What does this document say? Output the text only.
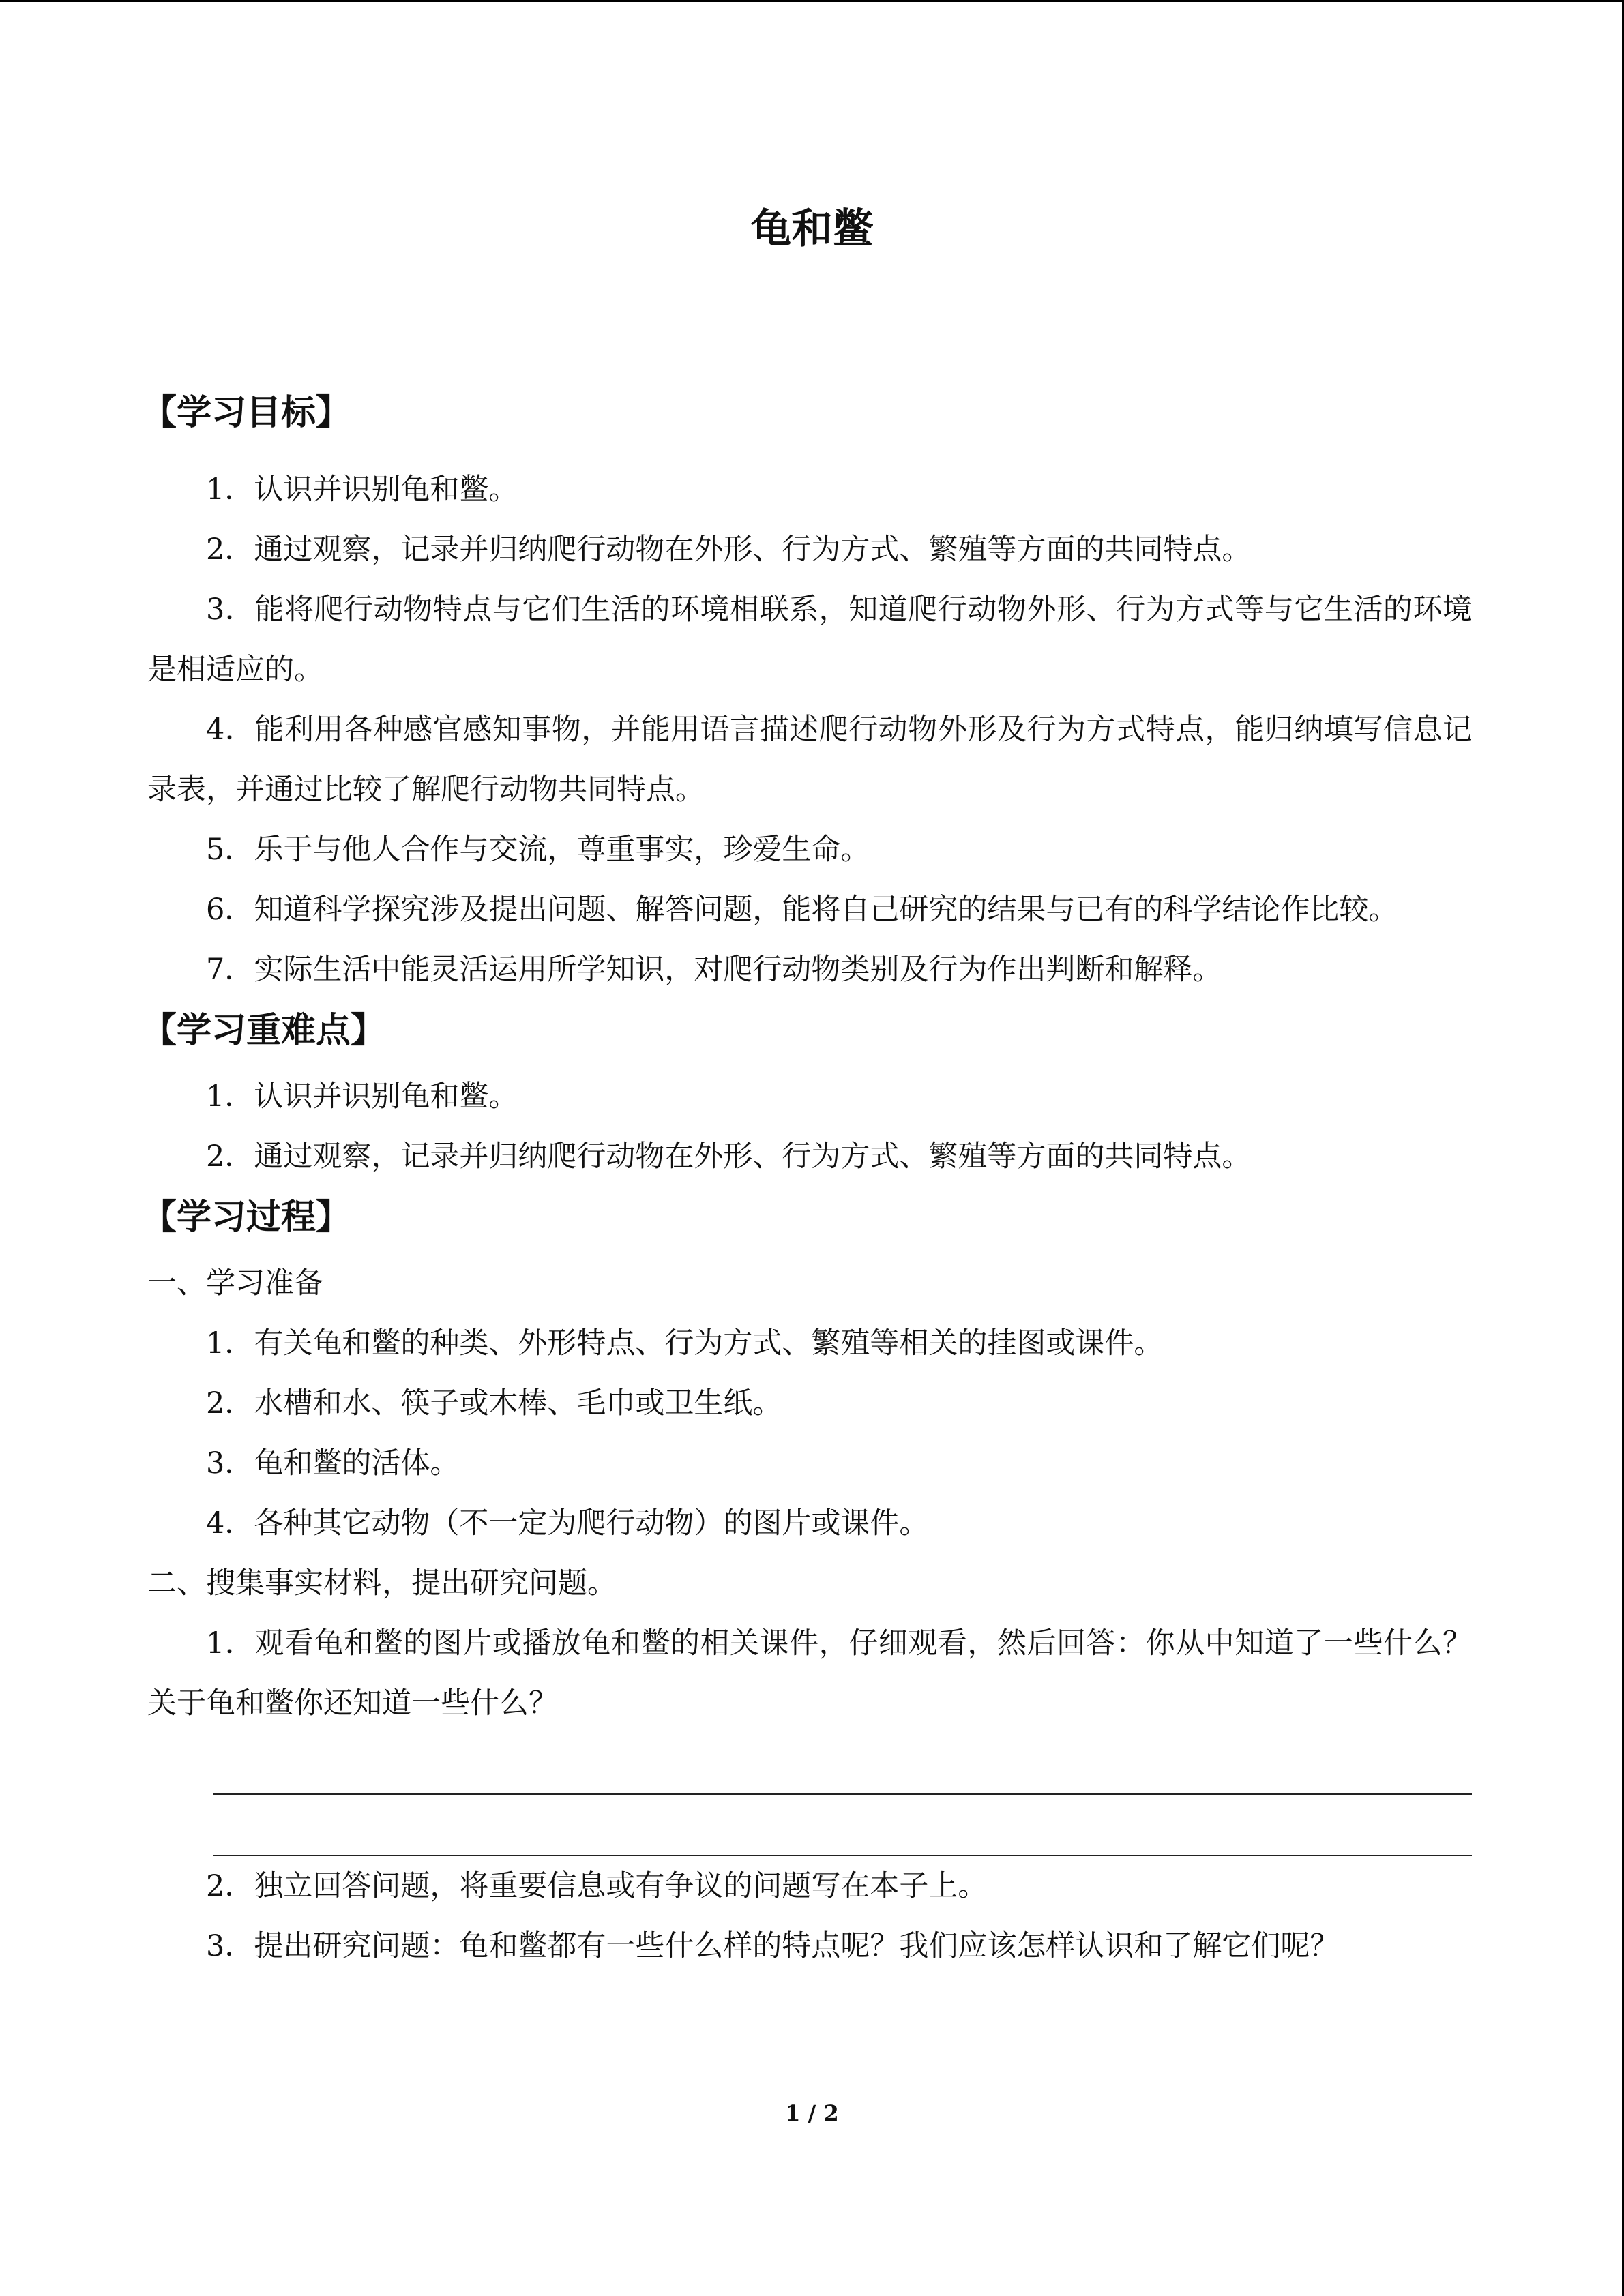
龟和鳖
【学习目标】

1．认识并识别龟和鳖。

2．通过观察，记录并归纳爬行动物在外形、行为方式、繁殖等方面的共同特点。

3．能将爬行动物特点与它们生活的环境相联系，知道爬行动物外形、行为方式等与它生活的环境是相适应的。

4．能利用各种感官感知事物，并能用语言描述爬行动物外形及行为方式特点，能归纳填写信息记录表，并通过比较了解爬行动物共同特点。

5．乐于与他人合作与交流，尊重事实，珍爱生命。

6．知道科学探究涉及提出问题、解答问题，能将自己研究的结果与已有的科学结论作比较。

7．实际生活中能灵活运用所学知识，对爬行动物类别及行为作出判断和解释。

【学习重难点】

1．认识并识别龟和鳖。

2．通过观察，记录并归纳爬行动物在外形、行为方式、繁殖等方面的共同特点。

【学习过程】

一、学习准备

1．有关龟和鳖的种类、外形特点、行为方式、繁殖等相关的挂图或课件。

2．水槽和水、筷子或木棒、毛巾或卫生纸。

3．龟和鳖的活体。

4．各种其它动物（不一定为爬行动物）的图片或课件。

二、搜集事实材料，提出研究问题。

1．观看龟和鳖的图片或播放龟和鳖的相关课件，仔细观看，然后回答：你从中知道了一些什么？关于龟和鳖你还知道一些什么？

2．独立回答问题，将重要信息或有争议的问题写在本子上。

3．提出研究问题：龟和鳖都有一些什么样的特点呢？我们应该怎样认识和了解它们呢？

1 / 2
